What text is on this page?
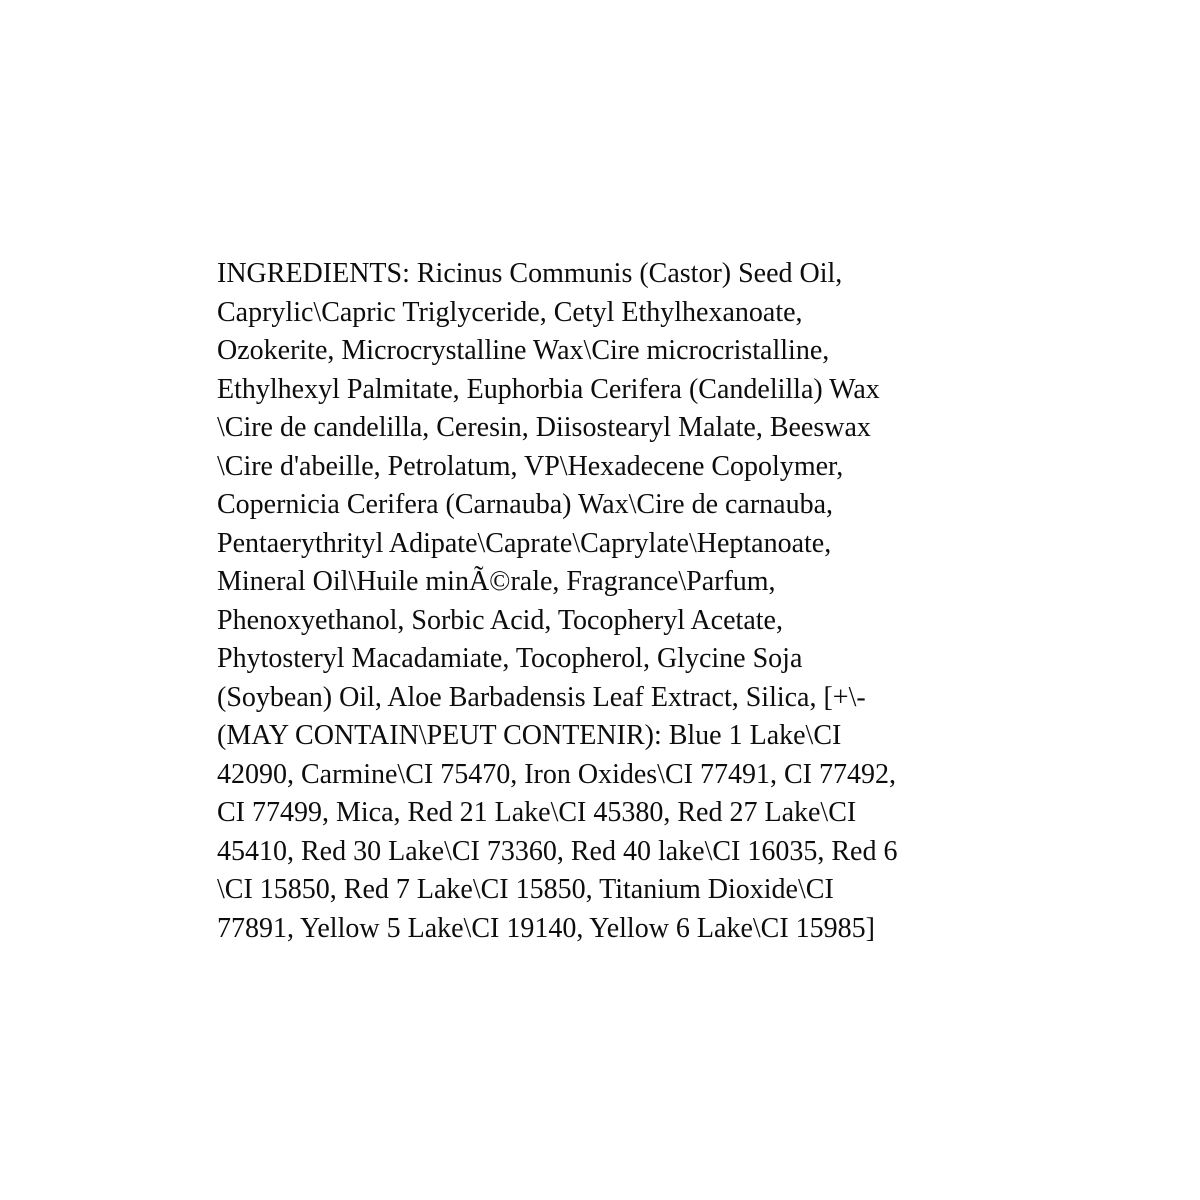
INGREDIENTS: Ricinus Communis (Castor) Seed Oil,
Caprylic\Capric Triglyceride, Cetyl Ethylhexanoate,
Ozokerite, Microcrystalline Wax\Cire microcristalline,
Ethylhexyl Palmitate, Euphorbia Cerifera (Candelilla) Wax
\Cire de candelilla, Ceresin, Diisostearyl Malate, Beeswax
\Cire d'abeille, Petrolatum, VP\Hexadecene Copolymer,
Copernicia Cerifera (Carnauba) Wax\Cire de carnauba,
Pentaerythrityl Adipate\Caprate\Caprylate\Heptanoate,
Mineral Oil\Huile minÃ©rale, Fragrance\Parfum,
Phenoxyethanol, Sorbic Acid, Tocopheryl Acetate,
Phytosteryl Macadamiate, Tocopherol, Glycine Soja
(Soybean) Oil, Aloe Barbadensis Leaf Extract, Silica, [+\-
(MAY CONTAIN\PEUT CONTENIR): Blue 1 Lake\CI
42090, Carmine\CI 75470, Iron Oxides\CI 77491, CI 77492,
CI 77499, Mica, Red 21 Lake\CI 45380, Red 27 Lake\CI
45410, Red 30 Lake\CI 73360, Red 40 lake\CI 16035, Red 6
\CI 15850, Red 7 Lake\CI 15850, Titanium Dioxide\CI
77891, Yellow 5 Lake\CI 19140, Yellow 6 Lake\CI 15985]
